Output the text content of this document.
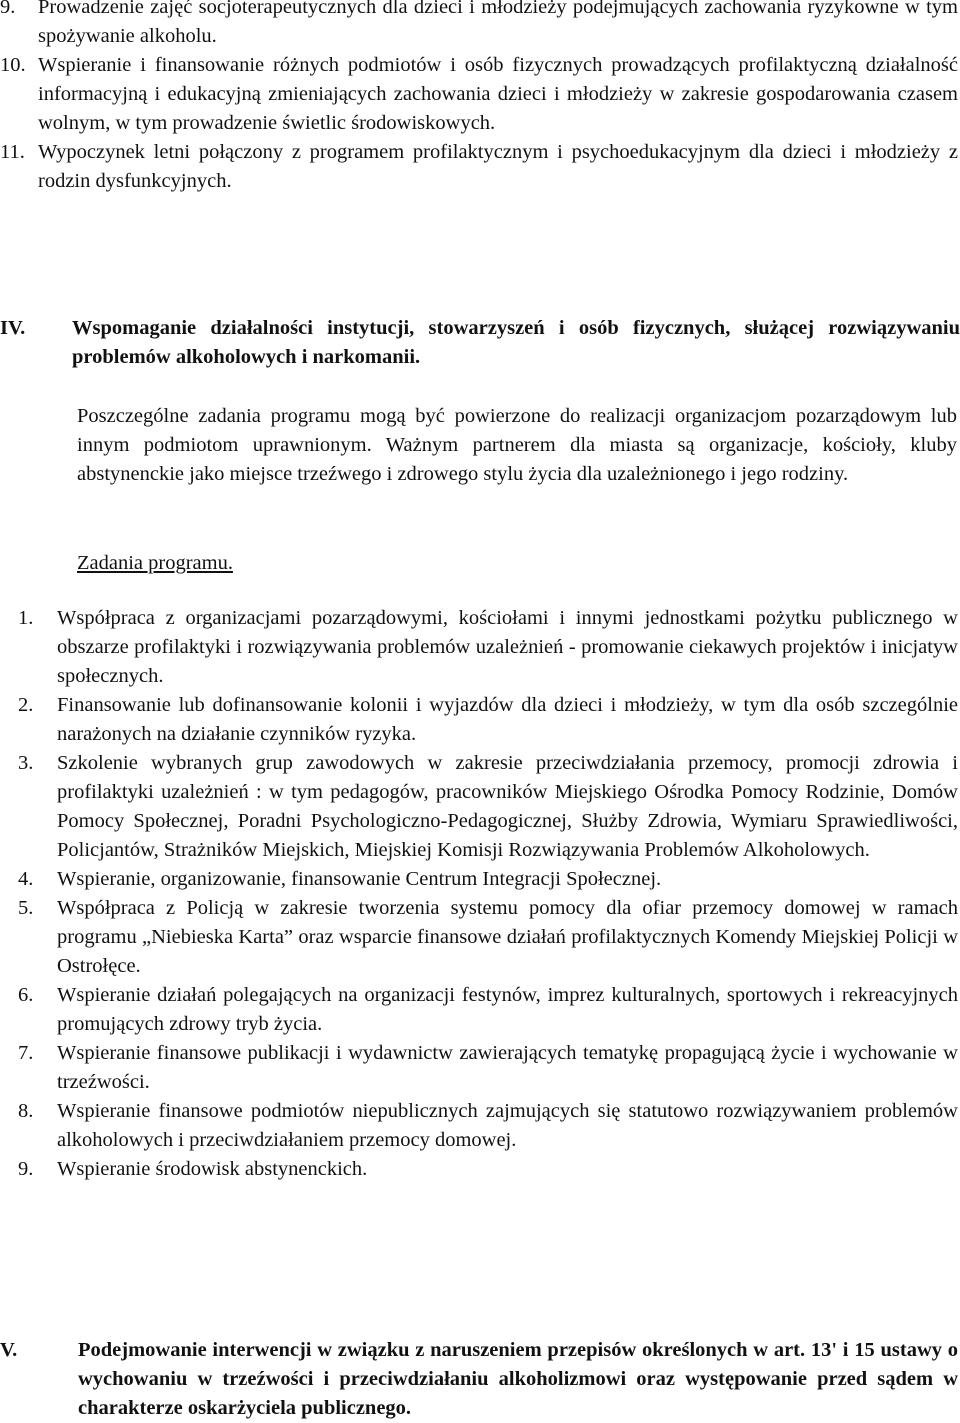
9.	Prowadzenie zajęć socjoterapeutycznych dla dzieci i młodzieży podejmujących zachowania ryzykowne w tym spożywanie alkoholu.
10. Wspieranie i finansowanie różnych podmiotów i osób fizycznych prowadzących profilaktyczną działalność informacyjną i edukacyjną zmieniających zachowania dzieci i młodzieży w zakresie gospodarowania czasem wolnym, w tym prowadzenie świetlic środowiskowych.
11. Wypoczynek letni połączony z programem profilaktycznym i psychoedukacyjnym dla dzieci i młodzieży z rodzin dysfunkcyjnych.
IV. Wspomaganie działalności instytucji, stowarzyszeń i osób fizycznych, służącej rozwiązywaniu problemów alkoholowych i narkomanii.

Poszczególne zadania programu mogą być powierzone do realizacji organizacjom pozarządowym lub innym podmiotom uprawnionym. Ważnym partnerem dla miasta są organizacje, kościoły, kluby abstynenckie jako miejsce trzeźwego i zdrowego stylu życia dla uzależnionego i jego rodziny.

Zadania programu.
1.	Współpraca z organizacjami pozarządowymi, kościołami i innymi jednostkami pożytku publicznego w obszarze profilaktyki i rozwiązywania problemów uzależnień - promowanie ciekawych projektów i inicjatyw społecznych.
2.	Finansowanie lub dofinansowanie kolonii i wyjazdów dla dzieci i młodzieży, w tym dla osób szczególnie narażonych na działanie czynników ryzyka.
3.	Szkolenie wybranych grup zawodowych w zakresie przeciwdziałania przemocy, promocji zdrowia i profilaktyki uzależnień : w tym pedagogów, pracowników Miejskiego Ośrodka Pomocy Rodzinie, Domów Pomocy Społecznej, Poradni Psychologiczno-Pedagogicznej, Służby Zdrowia, Wymiaru Sprawiedliwości, Policjantów, Strażników Miejskich, Miejskiej Komisji Rozwiązywania Problemów Alkoholowych.
4.	Wspieranie, organizowanie, finansowanie Centrum Integracji Społecznej.
5.	Współpraca z Policją w zakresie tworzenia systemu pomocy dla ofiar przemocy domowej w ramach programu „Niebieska Karta” oraz wsparcie finansowe działań profilaktycznych Komendy Miejskiej Policji w Ostrołęce.
6.	Wspieranie działań polegających na organizacji festynów, imprez kulturalnych, sportowych i rekreacyjnych promujących zdrowy tryb życia.
7.	Wspieranie finansowe publikacji i wydawnictw zawierających tematykę propagującą życie i wychowanie w trzeźwości.
8.	Wspieranie finansowe podmiotów niepublicznych zajmujących się statutowo rozwiązywaniem problemów alkoholowych i przeciwdziałaniem przemocy domowej.
9.	Wspieranie środowisk abstynenckich.
V.	Podejmowanie interwencji w związku z naruszeniem przepisów określonych w art. 13' i 15 ustawy o wychowaniu w trzeźwości i przeciwdziałaniu alkoholizmowi oraz występowanie przed sądem w charakterze oskarżyciela publicznego.
